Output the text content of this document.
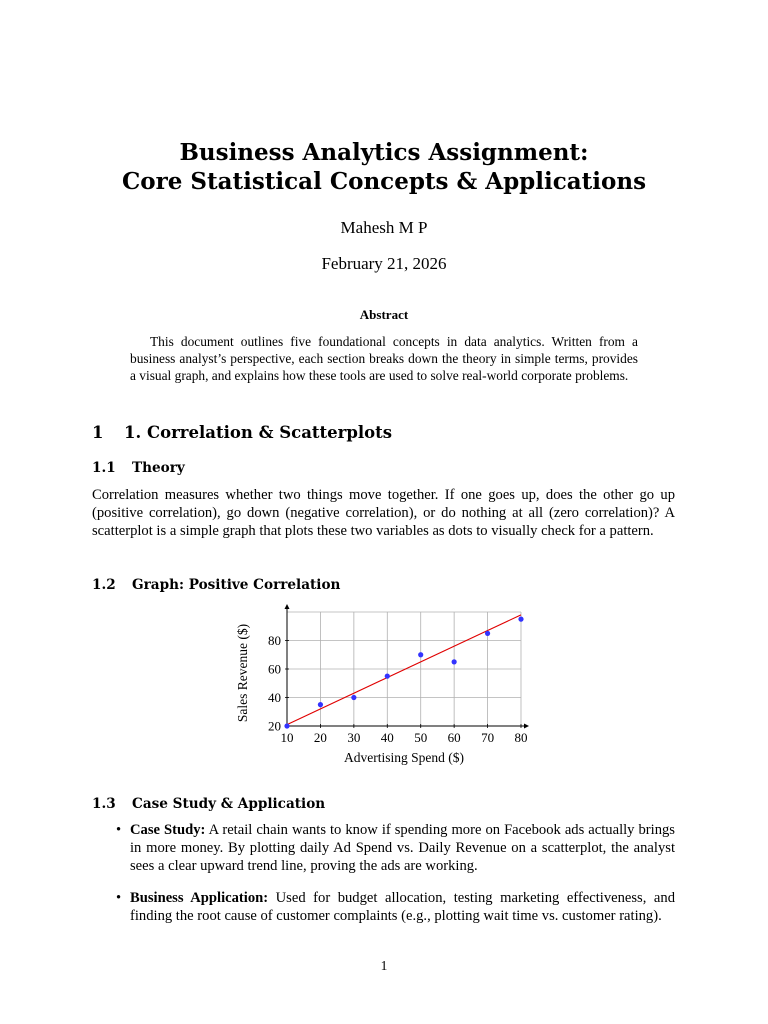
Business Analytics Assignment:
Core Statistical Concepts & Applications
Mahesh M P
February 21, 2026
Abstract

This document outlines five foundational concepts in data analytics. Written from a business analyst’s perspective, each section breaks down the theory in simple terms, provides a visual graph, and explains how these tools are used to solve real-world corporate problems.

1 1. Correlation & Scatterplots
1.1 Theory

Correlation measures whether two things move together. If one goes up, does the other go up (positive correlation), go down (negative correlation), or do nothing at all (zero correlation)? A scatterplot is a simple graph that plots these two variables as dots to visually check for a pattern.

1.2 Graph: Positive Correlation
10 20 30 40 50 60 70 80
20
40
60
80
Advertising Spend ($)
Sales Revenue ($)
1.3 Case Study & Application
• Case Study: A retail chain wants to know if spending more on Facebook ads actually brings in more money. By plotting daily Ad Spend vs. Daily Revenue on a scatterplot, the analyst sees a clear upward trend line, proving the ads are working.
• Business Application: Used for budget allocation, testing marketing effectiveness, and finding the root cause of customer complaints (e.g., plotting wait time vs. customer rating).
1
